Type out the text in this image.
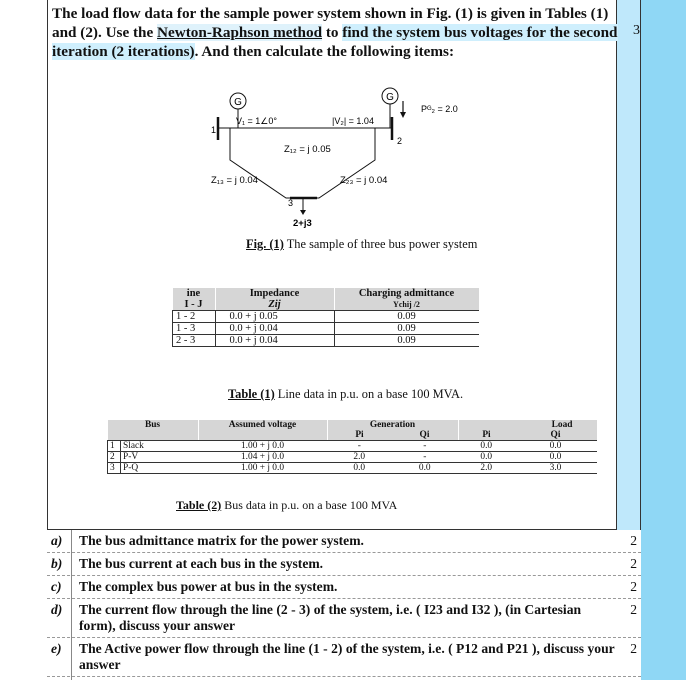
The load flow data for the sample power system shown in Fig. (1) is given in Tables (1) and (2). Use the Newton-Raphson method to find the system bus voltages for the second iteration (2 iterations). And then calculate the following items:
3
G
1
V₁ = 1∠0°
G
2
|V₂| = 1.04
Pᴳ₂ = 2.0
Z₁₂ = j 0.05
Z₁₃ = j 0.04	Z₂₃ = j 0.04
3
2+j3
Fig. (1) The sample of three bus power system
ine	Impedance	Charging admittance
I - J	Zij	Ychij /2
1 - 2	0.0 + j 0.05	0.09
1 - 3	0.0 + j 0.04	0.09
2 - 3	0.0 + j 0.04	0.09
Table (1) Line data in p.u. on a base 100 MVA.
Bus		Assumed voltage	Generation		Load	
			Pi	Qi	Pi	Qi
1	Slack	1.00 + j 0.0	-	-	0.0	0.0
2	P-V	1.04 + j 0.0	2.0	-	0.0	0.0
3	P-Q	1.00 + j 0.0	0.0	0.0	2.0	3.0
Table (2) Bus data in p.u. on a base 100 MVA
a) The bus admittance matrix for the power system.	2
b) The bus current at each bus in the system.	2
c) The complex bus power at bus in the system.	2
d) The current flow through the line (2 - 3) of the system, i.e. ( I23 and I32 ), (in Cartesian form), discuss your answer
2
e) The Active power flow through the line (1 - 2) of the system, i.e. ( P12 and P21 ), discuss your answer
2
